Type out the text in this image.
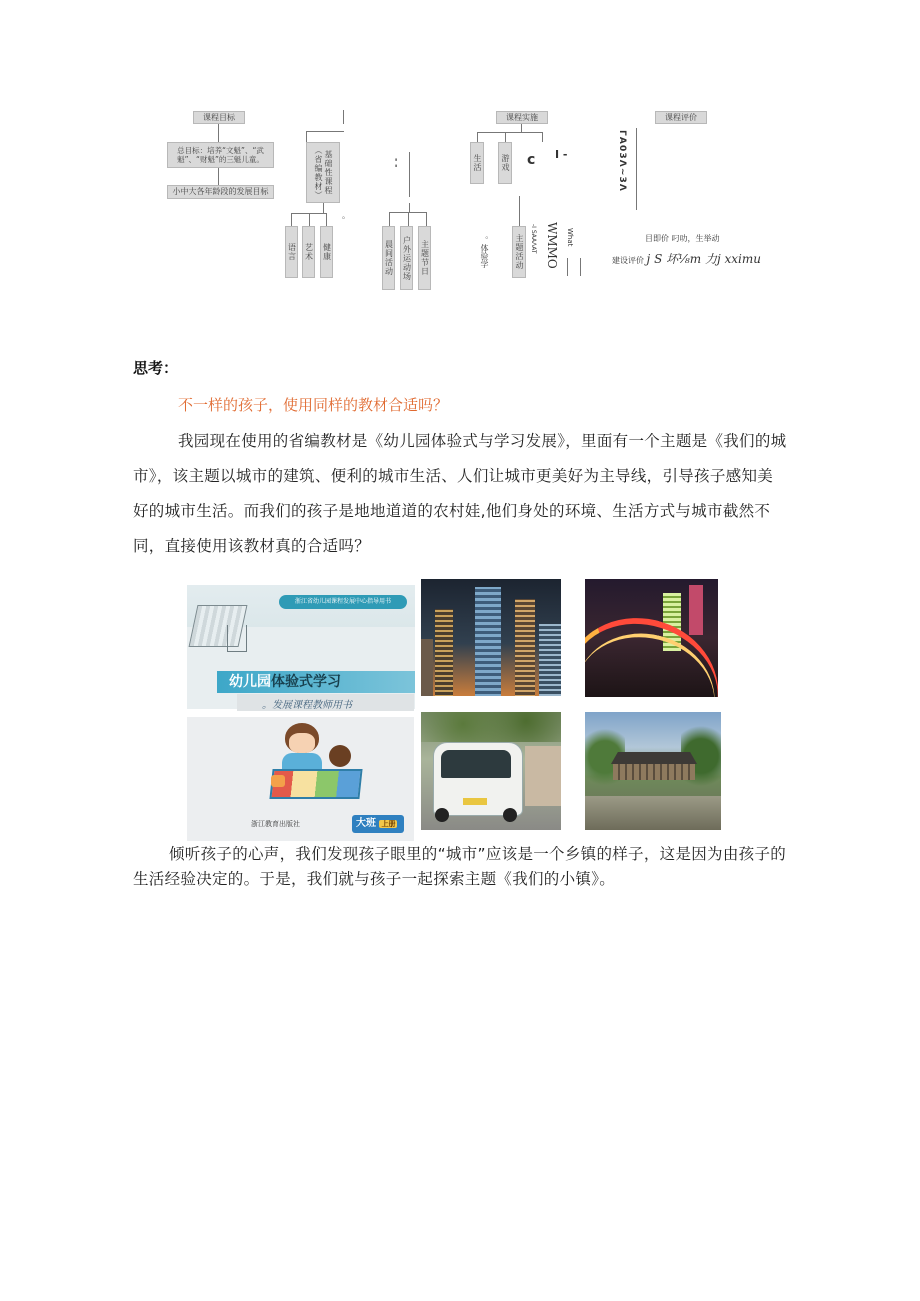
课程目标
总目标：培养“文魁”、“武魁”、“财魁”的三魁儿童。
小中大各年龄段的发展目标	基础性课程（省编教材）
语言	艺术	健康
。
- -
晨间活动	户外运动场	主题节日
课程实施
生活	游戏 c I -
主题活动
。体验学	-I SAAΛAT WMMO What
课程评价
Γ A 0 3 Λ ~ 3 Λ
目即价 叼叻，生举动
建设评价 j S 坏⅛m 力j xximu
思考：
不一样的孩子，使用同样的教材合适吗？
我园现在使用的省编教材是《幼儿园体验式与学习发展》，里面有一个主题是《我们的城市》，该主题以城市的建筑、便利的城市生活、人们让城市更美好为主导线，引导孩子感知美好的城市生活。而我们的孩子是地地道道的农村娃,他们身处的环境、生活方式与城市截然不同，直接使用该教材真的合适吗？
浙江省幼儿园课程发展中心指导用书
幼儿园体验式学习
。发展课程教师用书
浙江教育出版社	大班 上册
倾听孩子的心声，我们发现孩子眼里的“城市”应该是一个乡镇的样子，这是因为由孩子的生活经验决定的。于是，我们就与孩子一起探索主题《我们的小镇》。
